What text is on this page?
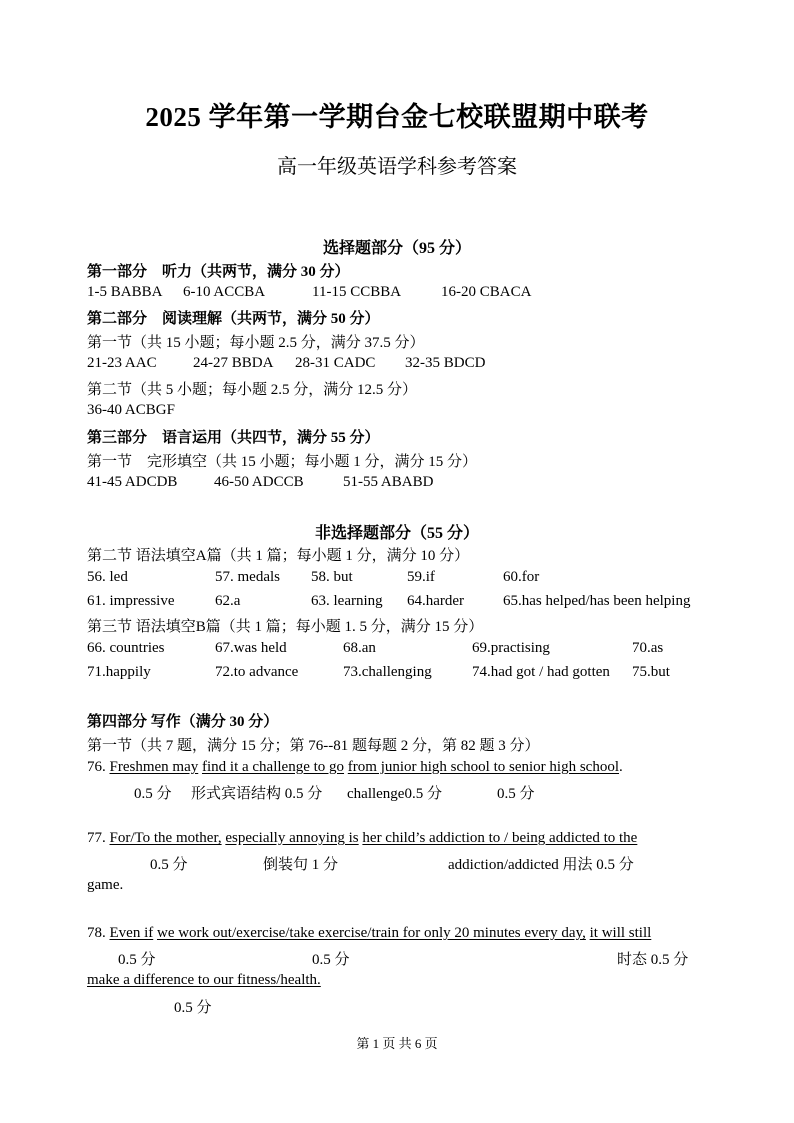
2025 学年第一学期台金七校联盟期中联考
高一年级英语学科参考答案
选择题部分（95 分）
第一部分　听力（共两节，满分 30 分）
1-5 BABBA 6-10 ACCBA	11-15 CCBBA	16-20 CBACA
第二部分　阅读理解（共两节，满分 50 分）
第一节（共 15 小题；每小题 2.5 分，满分 37.5 分）
21-23 AAC 24-27 BBDA 28-31 CADC 32-35 BDCD
第二节（共 5 小题；每小题 2.5 分，满分 12.5 分）
36-40 ACBGF
第三部分　语言运用（共四节，满分 55 分）
第一节　完形填空（共 15 小题；每小题 1 分，满分 15 分）
41-45 ADCDB 46-50 ADCCB	51-55 ABABD
非选择题部分（55 分）
第二节 语法填空A篇（共 1 篇；每小题 1 分，满分 10 分）
56. led	57. medals 58. but	59.if	60.for
61. impressive	62.a	63. learning 64.harder	65.has helped/has been helping
第三节 语法填空B篇（共 1 篇；每小题 1. 5 分，满分 15 分）
66. countries	67.was held	68.an	69.practising	70.as
71.happily	72.to advance	73.challenging	74.had got / had gotten 75.but
第四部分 写作（满分 30 分）
第一节（共 7 题，满分 15 分；第 76--81 题每题 2 分，第 82 题 3 分）
76. Freshmen may find it a challenge to go from junior high school to senior high school.
0.5 分 形式宾语结构 0.5 分 challenge0.5 分	0.5 分
77. For/To the mother, especially annoying is her child’s addiction to / being addicted to the
0.5 分	倒装句 1 分	addiction/addicted 用法 0.5 分
game.
78. Even if we work out/exercise/take exercise/train for only 20 minutes every day, it will still
0.5 分	0.5 分	时态 0.5 分
make a difference to our fitness/health.
0.5 分
第 1 页 共 6 页
